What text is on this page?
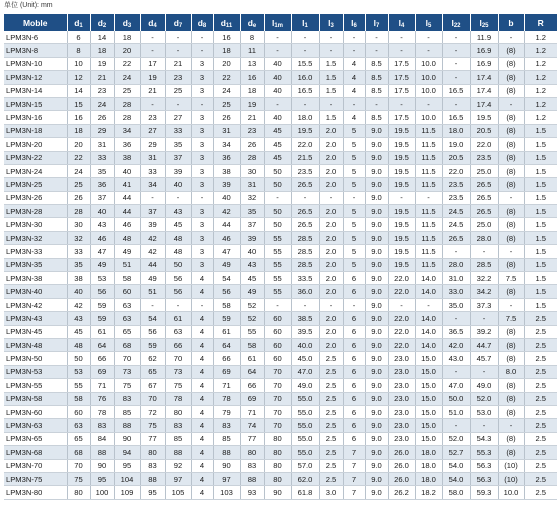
单位 (Unit): mm
Moble	$d_1$	$d_2$	$d_3$	$d_4$	$d_7$	$d_8$	$d_{11}$	$d_e$	$l_{1m}$	$l_1$	$l_3$	$l_6$	$l_7$	$l_4$	$l_5$	$l_{22}$	$l_{25}$	b	R
LPM3N-6	6	14	18	-	-	-	16	8	-	-	-	-	-	-	-	-	11.9	-	1.2
LPM3N-8	8	18	20	-	-	-	18	11	-	-	-	-	-	-	-	-	16.9	(8)	1.2
LPM3N-10	10	19	22	17	21	3	20	13	40	15.5	1.5	4	8.5	17.5	10.0	-	16.9	(8)	1.2
LPM3N-12	12	21	24	19	23	3	22	16	40	16.0	1.5	4	8.5	17.5	10.0	-	17.4	(8)	1.2
LPM3N-14	14	23	25	21	25	3	24	18	40	16.5	1.5	4	8.5	17.5	10.0	16.5	17.4	(8)	1.2
LPM3N-15	15	24	28	-	-	-	25	19	-	-	-	-	-	-	-	-	17.4	-	1.2
LPM3N-16	16	26	28	23	27	3	26	21	40	18.0	1.5	4	8.5	17.5	10.0	16.5	19.5	(8)	1.2
LPM3N-18	18	29	34	27	33	3	31	23	45	19.5	2.0	5	9.0	19.5	11.5	18.0	20.5	(8)	1.5
LPM3N-20	20	31	36	29	35	3	34	26	45	22.0	2.0	5	9.0	19.5	11.5	19.0	22.0	(8)	1.5
LPM3N-22	22	33	38	31	37	3	36	28	45	21.5	2.0	5	9.0	19.5	11.5	20.5	23.5	(8)	1.5
LPM3N-24	24	35	40	33	39	3	38	30	50	23.5	2.0	5	9.0	19.5	11.5	22.0	25.0	(8)	1.5
LPM3N-25	25	36	41	34	40	3	39	31	50	26.5	2.0	5	9.0	19.5	11.5	23.5	26.5	(8)	1.5
LPM3N-26	26	37	44	-	-	-	40	32	-	-	-	-	9.0	-	-	23.5	26.5	-	1.5
LPM3N-28	28	40	44	37	43	3	42	35	50	26.5	2.0	5	9.0	19.5	11.5	24.5	26.5	(8)	1.5
LPM3N-30	30	43	46	39	45	3	44	37	50	26.5	2.0	5	9.0	19.5	11.5	24.5	25.0	(8)	1.5
LPM3N-32	32	46	48	42	48	3	46	39	55	28.5	2.0	5	9.0	19.5	11.5	26.5	28.0	(8)	1.5
LPM3N-33	33	47	49	42	48	3	47	40	55	28.5	2.0	5	9.0	19.5	11.5	-	-	-	1.5
LPM3N-35	35	49	51	44	50	3	49	43	55	28.5	2.0	5	9.0	19.5	11.5	28.0	28.5	(8)	1.5
LPM3N-38	38	53	58	49	56	4	54	45	55	33.5	2.0	6	9.0	22.0	14.0	31.0	32.2	7.5	1.5
LPM3N-40	40	56	60	51	56	4	56	49	55	36.0	2.0	6	9.0	22.0	14.0	33.0	34.2	(8)	1.5
LPM3N-42	42	59	63	-	-	-	58	52	-	-	-	-	9.0	-	-	35.0	37.3	-	1.5
LPM3N-43	43	59	63	54	61	4	59	52	60	38.5	2.0	6	9.0	22.0	14.0	-	-	7.5	2.5
LPM3N-45	45	61	65	56	63	4	61	55	60	39.5	2.0	6	9.0	22.0	14.0	36.5	39.2	(8)	2.5
LPM3N-48	48	64	68	59	66	4	64	58	60	40.0	2.0	6	9.0	22.0	14.0	42.0	44.7	(8)	2.5
LPM3N-50	50	66	70	62	70	4	66	61	60	45.0	2.5	6	9.0	23.0	15.0	43.0	45.7	(8)	2.5
LPM3N-53	53	69	73	65	73	4	69	64	70	47.0	2.5	6	9.0	23.0	15.0	-	-	8.0	2.5
LPM3N-55	55	71	75	67	75	4	71	66	70	49.0	2.5	6	9.0	23.0	15.0	47.0	49.0	(8)	2.5
LPM3N-58	58	76	83	70	78	4	78	69	70	55.0	2.5	6	9.0	23.0	15.0	50.0	52.0	(8)	2.5
LPM3N-60	60	78	85	72	80	4	79	71	70	55.0	2.5	6	9.0	23.0	15.0	51.0	53.0	(8)	2.5
LPM3N-63	63	83	88	75	83	4	83	74	70	55.0	2.5	6	9.0	23.0	15.0	-	-	-	2.5
LPM3N-65	65	84	90	77	85	4	85	77	80	55.0	2.5	6	9.0	23.0	15.0	52.0	54.3	(8)	2.5
LPM3N-68	68	88	94	80	88	4	88	80	80	55.0	2.5	7	9.0	26.0	18.0	52.7	55.3	(8)	2.5
LPM3N-70	70	90	95	83	92	4	90	83	80	57.0	2.5	7	9.0	26.0	18.0	54.0	56.3	(10)	2.5
LPM3N-75	75	95	104	88	97	4	97	88	80	62.0	2.5	7	9.0	26.0	18.0	54.0	56.3	(10)	2.5
LPM3N-80	80	100	109	95	105	4	103	93	90	61.8	3.0	7	9.0	26.2	18.2	58.0	59.3	10.0	2.5
